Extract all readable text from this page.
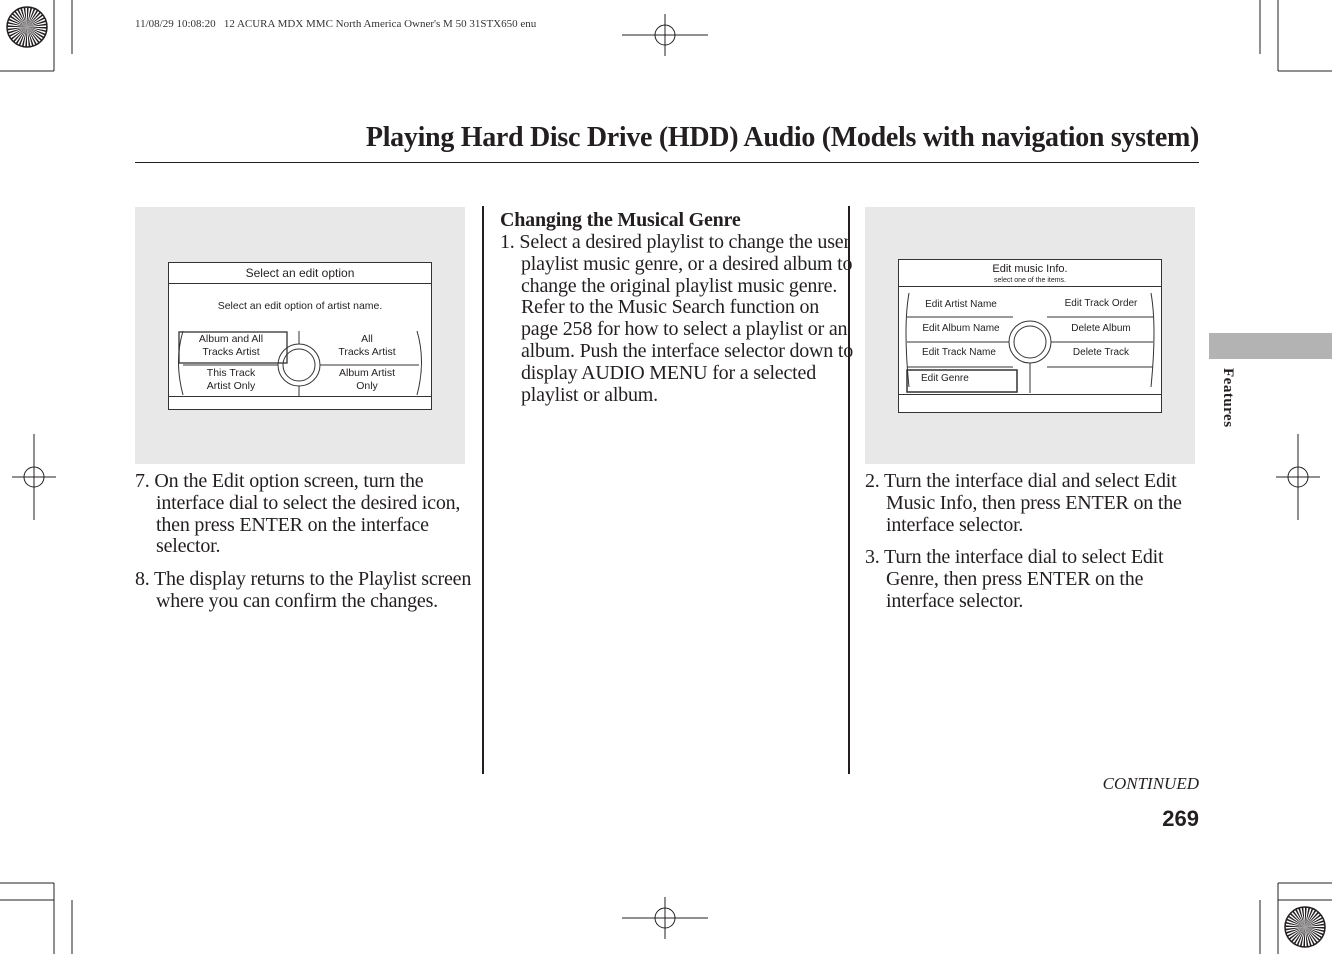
11/08/29 10:08:20   12 ACURA MDX MMC North America Owner's M 50 31STX650 enu
Playing Hard Disc Drive (HDD) Audio (Models with navigation system)
Select an edit option
Select an edit option of artist name.
Album and All
Tracks Artist
All
Tracks Artist
This Track
Artist Only
Album Artist
Only

7. On the Edit option screen, turn the interface dial to select the desired icon, then press ENTER on the interface selector.

8. The display returns to the Playlist screen where you can confirm the changes.

Changing the Musical Genre

1. Select a desired playlist to change the user playlist music genre, or a desired album to change the original playlist music genre. Refer to the Music Search function on page 258 for how to select a playlist or an album. Push the interface selector down to display AUDIO MENU for a selected playlist or album.

Edit music Info.
select one of the items.
Edit Artist Name
Edit Album Name
Edit Track Name
Edit Genre
Edit Track Order
Delete Album
Delete Track

2. Turn the interface dial and select Edit Music Info, then press ENTER on the interface selector.

3. Turn the interface dial to select Edit Genre, then press ENTER on the interface selector.

Features
CONTINUED
269
